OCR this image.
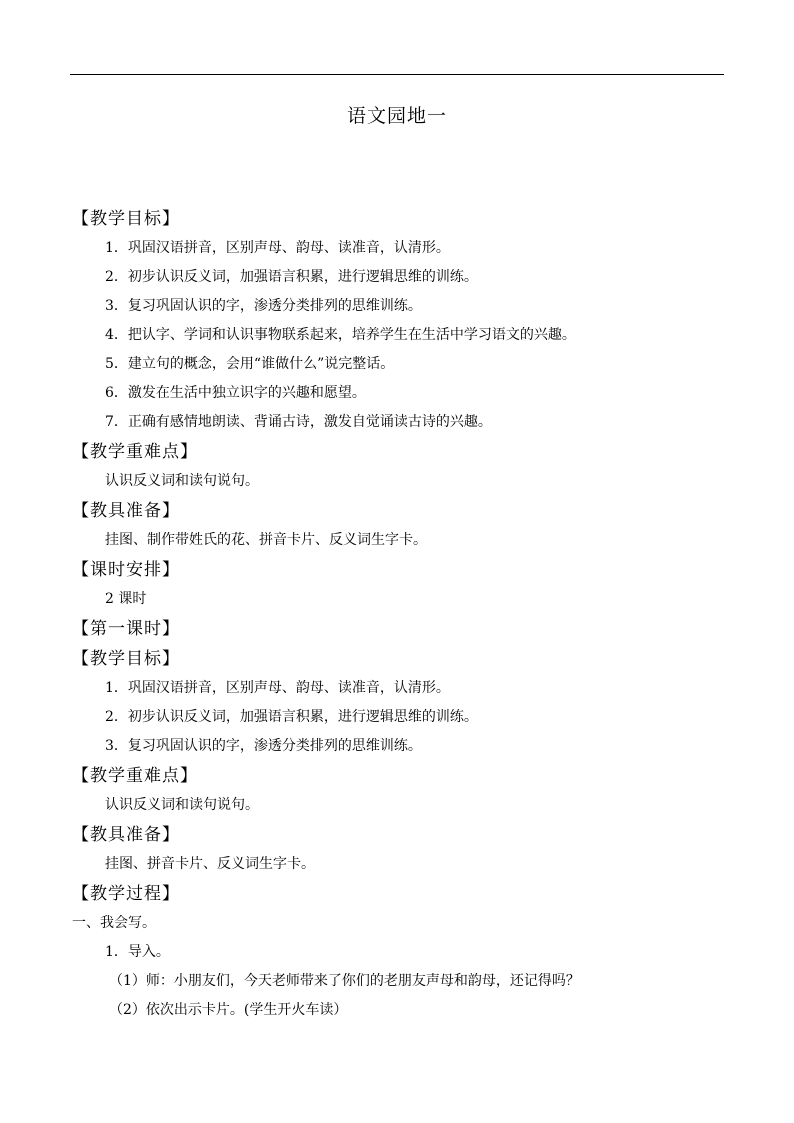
语文园地一
【教学目标】
1．巩固汉语拼音，区别声母、韵母、读准音，认清形。
2．初步认识反义词，加强语言积累，进行逻辑思维的训练。
3．复习巩固认识的字，渗透分类排列的思维训练。
4．把认字、学词和认识事物联系起来，培养学生在生活中学习语文的兴趣。
5．建立句的概念，会用“谁做什么”说完整话。
6．激发在生活中独立识字的兴趣和愿望。
7．正确有感情地朗读、背诵古诗，激发自觉诵读古诗的兴趣。
【教学重难点】
认识反义词和读句说句。
【教具准备】
挂图、制作带姓氏的花、拼音卡片、反义词生字卡。
【课时安排】
2 课时
【第一课时】
【教学目标】
1．巩固汉语拼音，区别声母、韵母、读准音，认清形。
2．初步认识反义词，加强语言积累，进行逻辑思维的训练。
3．复习巩固认识的字，渗透分类排列的思维训练。
【教学重难点】
认识反义词和读句说句。
【教具准备】
挂图、拼音卡片、反义词生字卡。
【教学过程】
一、我会写。
1．导入。
（1）师：小朋友们，今天老师带来了你们的老朋友声母和韵母，还记得吗？
（2）依次出示卡片。(学生开火车读）
